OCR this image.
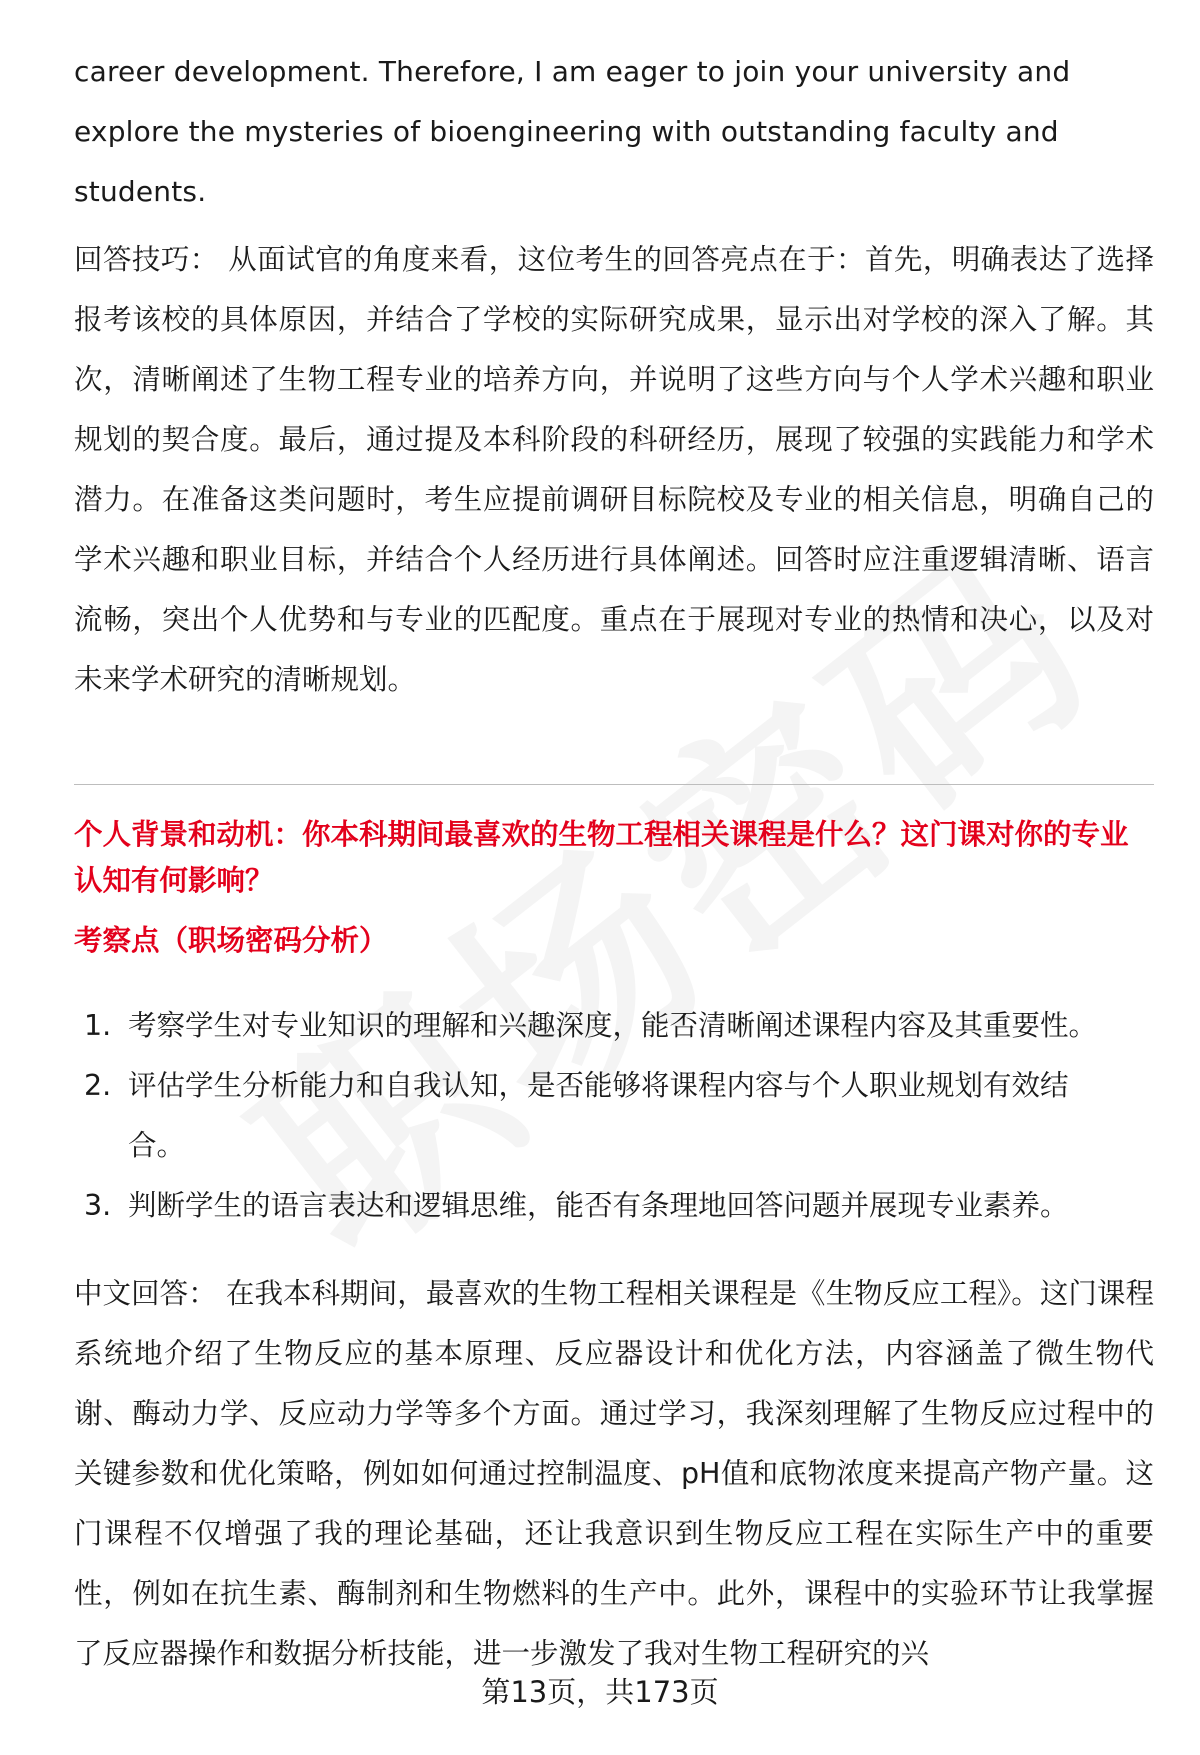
career development. Therefore, I am eager to join your university and explore the mysteries of bioengineering with outstanding faculty and students.

回答技巧： 从面试官的角度来看，这位考生的回答亮点在于：首先，明确表达了选择报考该校的具体原因，并结合了学校的实际研究成果，显示出对学校的深入了解。其次，清晰阐述了生物工程专业的培养方向，并说明了这些方向与个人学术兴趣和职业规划的契合度。最后，通过提及本科阶段的科研经历，展现了较强的实践能力和学术潜力。在准备这类问题时，考生应提前调研目标院校及专业的相关信息，明确自己的学术兴趣和职业目标，并结合个人经历进行具体阐述。回答时应注重逻辑清晰、语言流畅，突出个人优势和与专业的匹配度。重点在于展现对专业的热情和决心，以及对未来学术研究的清晰规划。

个人背景和动机：你本科期间最喜欢的生物工程相关课程是什么？这门课对你的专业认知有何影响？

考察点（职场密码分析）

1. 考察学生对专业知识的理解和兴趣深度，能否清晰阐述课程内容及其重要性。
2. 评估学生分析能力和自我认知，是否能够将课程内容与个人职业规划有效结合。
3. 判断学生的语言表达和逻辑思维，能否有条理地回答问题并展现专业素养。

中文回答： 在我本科期间，最喜欢的生物工程相关课程是《生物反应工程》。这门课程系统地介绍了生物反应的基本原理、反应器设计和优化方法，内容涵盖了微生物代谢、酶动力学、反应动力学等多个方面。通过学习，我深刻理解了生物反应过程中的关键参数和优化策略，例如如何通过控制温度、pH值和底物浓度来提高产物产量。这门课程不仅增强了我的理论基础，还让我意识到生物反应工程在实际生产中的重要性，例如在抗生素、酶制剂和生物燃料的生产中。此外，课程中的实验环节让我掌握了反应器操作和数据分析技能，进一步激发了我对生物工程研究的兴

第13页，共173页
